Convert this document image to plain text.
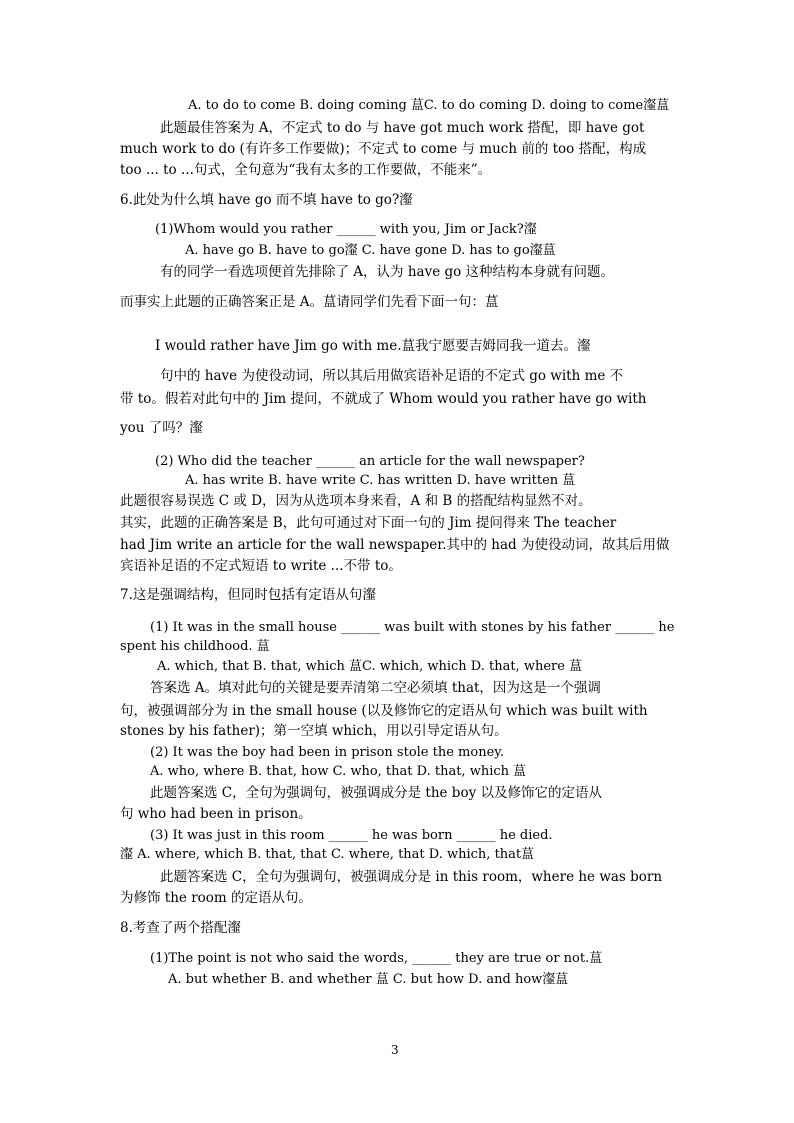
A. to do to come B. doing coming 蒀C. to do coming D. doing to come瀣蒀
此题最佳答案为 A，不定式 to do 与 have got much work 搭配，即 have got
much work to do (有许多工作要做)；不定式 to come 与 much 前的 too 搭配，构成
too ... to ...句式，全句意为“我有太多的工作要做，不能来”。
6.此处为什么填 have go 而不填 have to go?瀣
(1)Whom would you rather ______ with you, Jim or Jack?瀣
A. have go B. have to go瀣 C. have gone D. has to go瀣蒀
有的同学一看选项便首先排除了 A，认为 have go 这种结构本身就有问题。
而事实上此题的正确答案正是 A。蒀请同学们先看下面一句：蒀
I would rather have Jim go with me.蒀我宁愿要吉姆同我一道去。瀣
句中的 have 为使役动词，所以其后用做宾语补足语的不定式 go with me 不
带 to。假若对此句中的 Jim 提问，不就成了 Whom would you rather have go with
you 了吗？瀣
(2) Who did the teacher ______ an article for the wall newspaper?
A. has write B. have write C. has written D. have written 蒀
此题很容易误选 C 或 D，因为从选项本身来看，A 和 B 的搭配结构显然不对。
其实，此题的正确答案是 B，此句可通过对下面一句的 Jim 提问得来 The teacher
had Jim write an article for the wall newspaper.其中的 had 为使役动词，故其后用做
宾语补足语的不定式短语 to write ...不带 to。
7.这是强调结构，但同时包括有定语从句瀣
(1) It was in the small house ______ was built with stones by his father ______ he
spent his childhood. 蒀
A. which, that B. that, which 蒀C. which, which D. that, where 蒀
答案选 A。填对此句的关键是要弄清第二空必须填 that，因为这是一个强调
句，被强调部分为 in the small house (以及修饰它的定语从句 which was built with
stones by his father)；第一空填 which，用以引导定语从句。
(2) It was the boy had been in prison stole the money.
A. who, where B. that, how C. who, that D. that, which 蒀
此题答案选 C，全句为强调句，被强调成分是 the boy 以及修饰它的定语从
句 who had been in prison。
(3) It was just in this room ______ he was born ______ he died.
瀣 A. where, which B. that, that C. where, that D. which, that蒀
此题答案选 C，全句为强调句，被强调成分是 in this room，where he was born
为修饰 the room 的定语从句。
8.考查了两个搭配瀣
(1)The point is not who said the words, ______ they are true or not.蒀
A. but whether B. and whether 蒀 C. but how D. and how瀣蒀
3
